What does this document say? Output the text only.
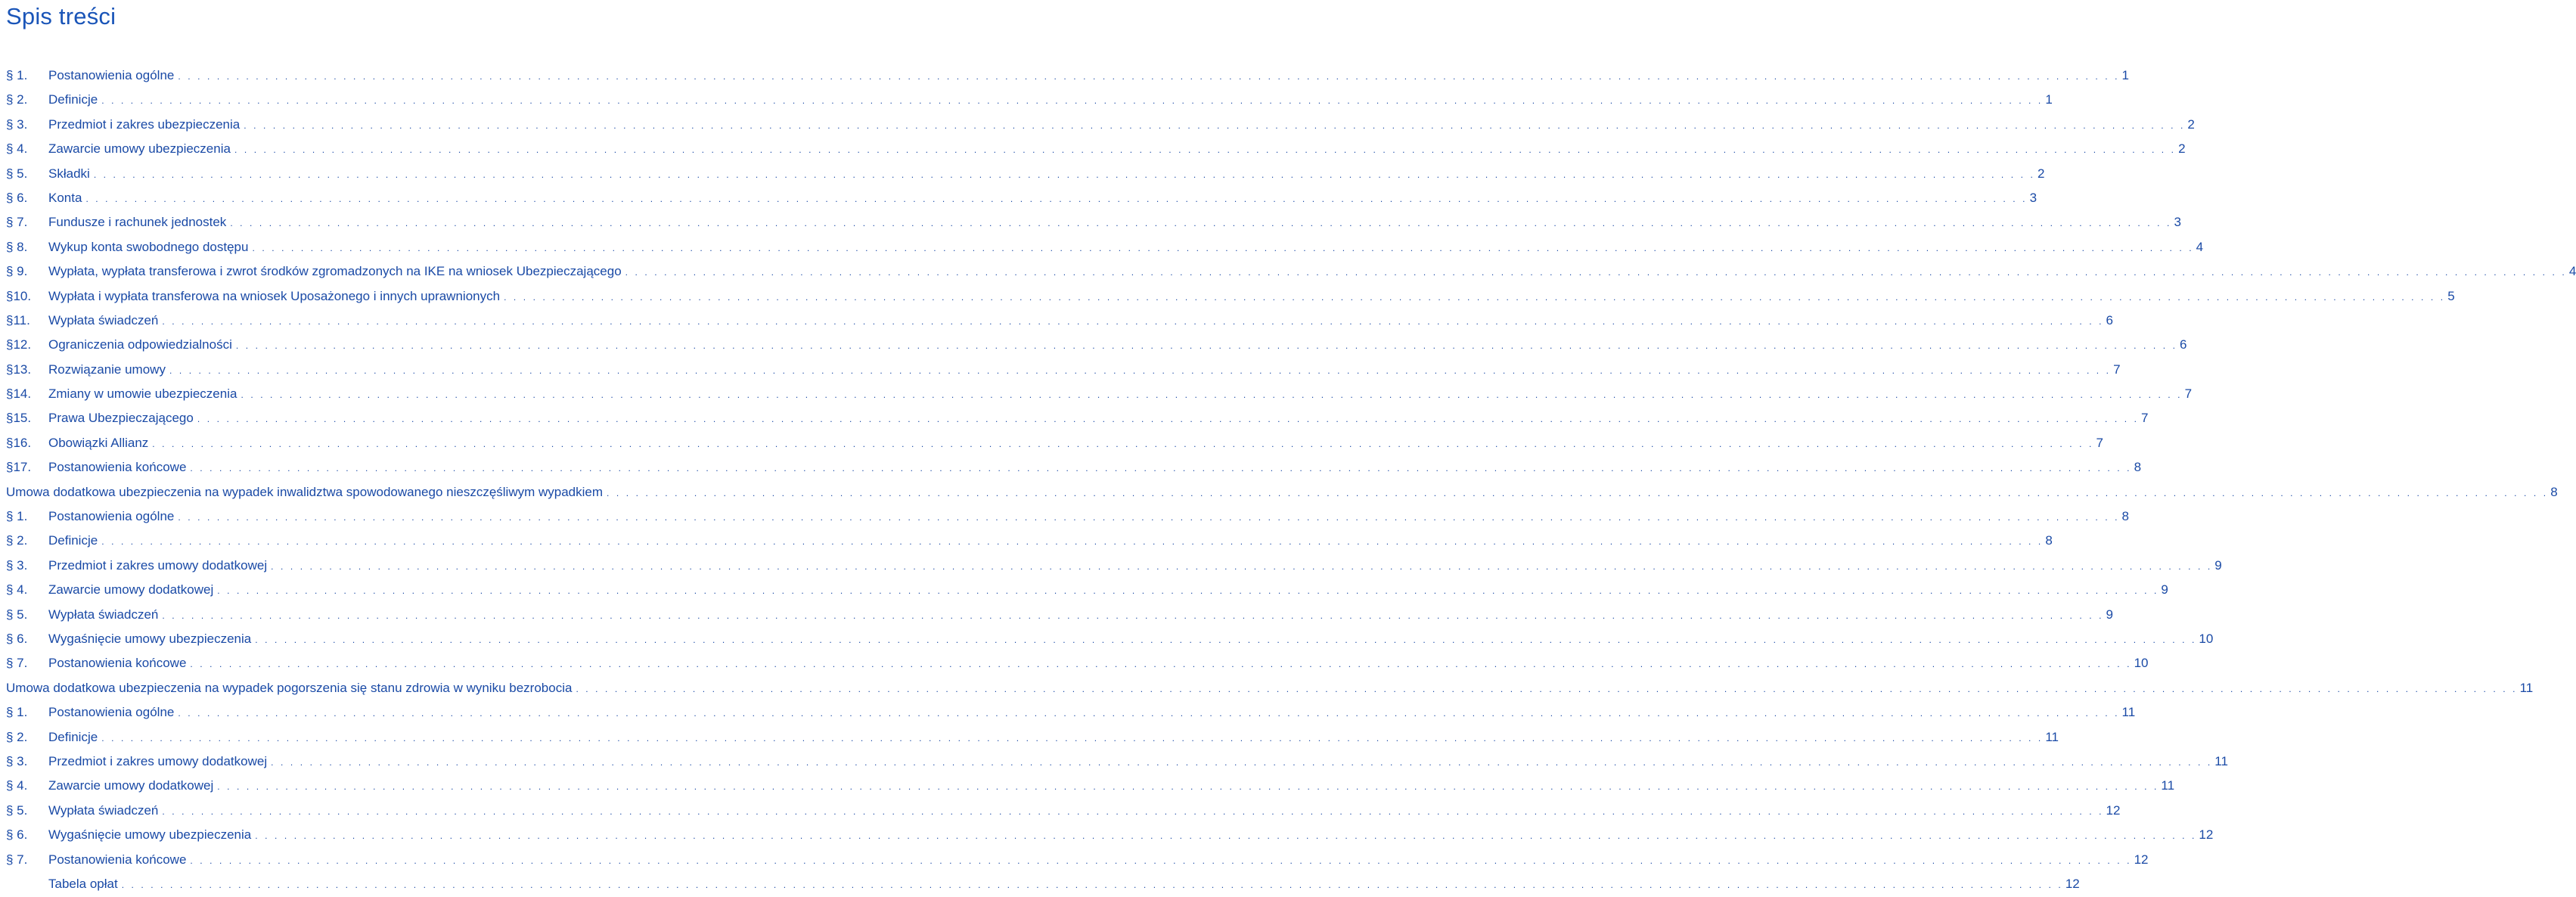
Spis treści
§ 1.	Postanowienia ogólne . . . . . . . . . . . . . . . . . . . . . . . . . . . . . . . . . . . . . . . . . . . . . . . . . . . . . . . . . . . . . . . . . . . . . . . . . . . . . . . . . . . . . . . . . . . . . . . . . . . . . . . . . . . . . . . . . . . . . . . . . . . . . . . . . . . . . . . . . . . . . . . . . . . . . . . . . . . . . . . . . . . . . . . . . . . . . . . . . . . . . . . . . . . . . . . . . . . . . . . . 1
§ 2.	Definicje . . . . . . . . . . . . . . . . . . . . . . . . . . . . . . . . . . . . . . . . . . . . . . . . . . . . . . . . . . . . . . . . . . . . . . . . . . . . . . . . . . . . . . . . . . . . . . . . . . . . . . . . . . . . . . . . . . . . . . . . . . . . . . . . . . . . . . . . . . . . . . . . . . . . . . . . . . . . . . . . . . . . . . . . . . . . . . . . . . . . . . . . . . . . . . . . . . . . . . . . 1
§ 3.	Przedmiot i zakres ubezpieczenia . . . . . . . . . . . . . . . . . . . . . . . . . . . . . . . . . . . . . . . . . . . . . . . . . . . . . . . . . . . . . . . . . . . . . . . . . . . . . . . . . . . . . . . . . . . . . . . . . . . . . . . . . . . . . . . . . . . . . . . . . . . . . . . . . . . . . . . . . . . . . . . . . . . . . . . . . . . . . . . . . . . . . . . . . . . . . . . . . . . . . . . . . . . . . . . . . . . . . . . . 2
§ 4.	Zawarcie umowy ubezpieczenia . . . . . . . . . . . . . . . . . . . . . . . . . . . . . . . . . . . . . . . . . . . . . . . . . . . . . . . . . . . . . . . . . . . . . . . . . . . . . . . . . . . . . . . . . . . . . . . . . . . . . . . . . . . . . . . . . . . . . . . . . . . . . . . . . . . . . . . . . . . . . . . . . . . . . . . . . . . . . . . . . . . . . . . . . . . . . . . . . . . . . . . . . . . . . . . . . . . . . . . . 2
§ 5.	Składki . . . . . . . . . . . . . . . . . . . . . . . . . . . . . . . . . . . . . . . . . . . . . . . . . . . . . . . . . . . . . . . . . . . . . . . . . . . . . . . . . . . . . . . . . . . . . . . . . . . . . . . . . . . . . . . . . . . . . . . . . . . . . . . . . . . . . . . . . . . . . . . . . . . . . . . . . . . . . . . . . . . . . . . . . . . . . . . . . . . . . . . . . . . . . . . . . . . . . . . . 2
§ 6.	Konta . . . . . . . . . . . . . . . . . . . . . . . . . . . . . . . . . . . . . . . . . . . . . . . . . . . . . . . . . . . . . . . . . . . . . . . . . . . . . . . . . . . . . . . . . . . . . . . . . . . . . . . . . . . . . . . . . . . . . . . . . . . . . . . . . . . . . . . . . . . . . . . . . . . . . . . . . . . . . . . . . . . . . . . . . . . . . . . . . . . . . . . . . . . . . . . . . . . . . . . . 3
§ 7.	Fundusze i rachunek jednostek . . . . . . . . . . . . . . . . . . . . . . . . . . . . . . . . . . . . . . . . . . . . . . . . . . . . . . . . . . . . . . . . . . . . . . . . . . . . . . . . . . . . . . . . . . . . . . . . . . . . . . . . . . . . . . . . . . . . . . . . . . . . . . . . . . . . . . . . . . . . . . . . . . . . . . . . . . . . . . . . . . . . . . . . . . . . . . . . . . . . . . . . . . . . . . . . . . . . . . . . 3
§ 8.	Wykup konta swobodnego dostępu . . . . . . . . . . . . . . . . . . . . . . . . . . . . . . . . . . . . . . . . . . . . . . . . . . . . . . . . . . . . . . . . . . . . . . . . . . . . . . . . . . . . . . . . . . . . . . . . . . . . . . . . . . . . . . . . . . . . . . . . . . . . . . . . . . . . . . . . . . . . . . . . . . . . . . . . . . . . . . . . . . . . . . . . . . . . . . . . . . . . . . . . . . . . . . . . . . . . . . . . 4
§ 9.	Wypłata, wypłata transferowa i zwrot środków zgromadzonych na IKE na wniosek Ubezpieczającego . . . . . . . . . . . . . . . . . . . . . . . . . . . . . . . . . . . . . . . . . . . . . . . . . . . . . . . . . . . . . . . . . . . . . . . . . . . . . . . . . . . . . . . . . . . . . . . . . . . . . . . . . . . . . . . . . . . . . . . . . . . . . . . . . . . . . . . . . . . . . . . . . . . . . . . . . . . . . . . . . . . . . . . . . . . . . . . . . . . . . . . . . . . . . . . . . . . . . . . . 4
§10.	Wypłata i wypłata transferowa na wniosek Uposażonego i innych uprawnionych . . . . . . . . . . . . . . . . . . . . . . . . . . . . . . . . . . . . . . . . . . . . . . . . . . . . . . . . . . . . . . . . . . . . . . . . . . . . . . . . . . . . . . . . . . . . . . . . . . . . . . . . . . . . . . . . . . . . . . . . . . . . . . . . . . . . . . . . . . . . . . . . . . . . . . . . . . . . . . . . . . . . . . . . . . . . . . . . . . . . . . . . . . . . . . . . . . . . . . . . 5
§11.	Wypłata świadczeń . . . . . . . . . . . . . . . . . . . . . . . . . . . . . . . . . . . . . . . . . . . . . . . . . . . . . . . . . . . . . . . . . . . . . . . . . . . . . . . . . . . . . . . . . . . . . . . . . . . . . . . . . . . . . . . . . . . . . . . . . . . . . . . . . . . . . . . . . . . . . . . . . . . . . . . . . . . . . . . . . . . . . . . . . . . . . . . . . . . . . . . . . . . . . . . . . . . . . . . . 6
§12.	Ograniczenia odpowiedzialności . . . . . . . . . . . . . . . . . . . . . . . . . . . . . . . . . . . . . . . . . . . . . . . . . . . . . . . . . . . . . . . . . . . . . . . . . . . . . . . . . . . . . . . . . . . . . . . . . . . . . . . . . . . . . . . . . . . . . . . . . . . . . . . . . . . . . . . . . . . . . . . . . . . . . . . . . . . . . . . . . . . . . . . . . . . . . . . . . . . . . . . . . . . . . . . . . . . . . . . . 6
§13.	Rozwiązanie umowy . . . . . . . . . . . . . . . . . . . . . . . . . . . . . . . . . . . . . . . . . . . . . . . . . . . . . . . . . . . . . . . . . . . . . . . . . . . . . . . . . . . . . . . . . . . . . . . . . . . . . . . . . . . . . . . . . . . . . . . . . . . . . . . . . . . . . . . . . . . . . . . . . . . . . . . . . . . . . . . . . . . . . . . . . . . . . . . . . . . . . . . . . . . . . . . . . . . . . . . . 7
§14.	Zmiany w umowie ubezpieczenia . . . . . . . . . . . . . . . . . . . . . . . . . . . . . . . . . . . . . . . . . . . . . . . . . . . . . . . . . . . . . . . . . . . . . . . . . . . . . . . . . . . . . . . . . . . . . . . . . . . . . . . . . . . . . . . . . . . . . . . . . . . . . . . . . . . . . . . . . . . . . . . . . . . . . . . . . . . . . . . . . . . . . . . . . . . . . . . . . . . . . . . . . . . . . . . . . . . . . . . . 7
§15.	Prawa Ubezpieczającego . . . . . . . . . . . . . . . . . . . . . . . . . . . . . . . . . . . . . . . . . . . . . . . . . . . . . . . . . . . . . . . . . . . . . . . . . . . . . . . . . . . . . . . . . . . . . . . . . . . . . . . . . . . . . . . . . . . . . . . . . . . . . . . . . . . . . . . . . . . . . . . . . . . . . . . . . . . . . . . . . . . . . . . . . . . . . . . . . . . . . . . . . . . . . . . . . . . . . . . . 7
§16.	Obowiązki Allianz . . . . . . . . . . . . . . . . . . . . . . . . . . . . . . . . . . . . . . . . . . . . . . . . . . . . . . . . . . . . . . . . . . . . . . . . . . . . . . . . . . . . . . . . . . . . . . . . . . . . . . . . . . . . . . . . . . . . . . . . . . . . . . . . . . . . . . . . . . . . . . . . . . . . . . . . . . . . . . . . . . . . . . . . . . . . . . . . . . . . . . . . . . . . . . . . . . . . . . . . 7
§17.	Postanowienia końcowe . . . . . . . . . . . . . . . . . . . . . . . . . . . . . . . . . . . . . . . . . . . . . . . . . . . . . . . . . . . . . . . . . . . . . . . . . . . . . . . . . . . . . . . . . . . . . . . . . . . . . . . . . . . . . . . . . . . . . . . . . . . . . . . . . . . . . . . . . . . . . . . . . . . . . . . . . . . . . . . . . . . . . . . . . . . . . . . . . . . . . . . . . . . . . . . . . . . . . . . . 8
Umowa dodatkowa ubezpieczenia na wypadek inwalidztwa spowodowanego nieszczęśliwym wypadkiem . . . . . . . . . . . . . . . . . . . . . . . . . . . . . . . . . . . . . . . . . . . . . . . . . . . . . . . . . . . . . . . . . . . . . . . . . . . . . . . . . . . . . . . . . . . . . . . . . . . . . . . . . . . . . . . . . . . . . . . . . . . . . . . . . . . . . . . . . . . . . . . . . . . . . . . . . . . . . . . . . . . . . . . . . . . . . . . . . . . . . . . . . . . . . . . . . . . . . . . . 8
§ 1.	Postanowienia ogólne . . . . . . . . . . . . . . . . . . . . . . . . . . . . . . . . . . . . . . . . . . . . . . . . . . . . . . . . . . . . . . . . . . . . . . . . . . . . . . . . . . . . . . . . . . . . . . . . . . . . . . . . . . . . . . . . . . . . . . . . . . . . . . . . . . . . . . . . . . . . . . . . . . . . . . . . . . . . . . . . . . . . . . . . . . . . . . . . . . . . . . . . . . . . . . . . . . . . . . . . 8
§ 2.	Definicje . . . . . . . . . . . . . . . . . . . . . . . . . . . . . . . . . . . . . . . . . . . . . . . . . . . . . . . . . . . . . . . . . . . . . . . . . . . . . . . . . . . . . . . . . . . . . . . . . . . . . . . . . . . . . . . . . . . . . . . . . . . . . . . . . . . . . . . . . . . . . . . . . . . . . . . . . . . . . . . . . . . . . . . . . . . . . . . . . . . . . . . . . . . . . . . . . . . . . . . . 8
§ 3.	Przedmiot i zakres umowy dodatkowej . . . . . . . . . . . . . . . . . . . . . . . . . . . . . . . . . . . . . . . . . . . . . . . . . . . . . . . . . . . . . . . . . . . . . . . . . . . . . . . . . . . . . . . . . . . . . . . . . . . . . . . . . . . . . . . . . . . . . . . . . . . . . . . . . . . . . . . . . . . . . . . . . . . . . . . . . . . . . . . . . . . . . . . . . . . . . . . . . . . . . . . . . . . . . . . . . . . . . . . . 9
§ 4.	Zawarcie umowy dodatkowej . . . . . . . . . . . . . . . . . . . . . . . . . . . . . . . . . . . . . . . . . . . . . . . . . . . . . . . . . . . . . . . . . . . . . . . . . . . . . . . . . . . . . . . . . . . . . . . . . . . . . . . . . . . . . . . . . . . . . . . . . . . . . . . . . . . . . . . . . . . . . . . . . . . . . . . . . . . . . . . . . . . . . . . . . . . . . . . . . . . . . . . . . . . . . . . . . . . . . . . . 9
§ 5.	Wypłata świadczeń . . . . . . . . . . . . . . . . . . . . . . . . . . . . . . . . . . . . . . . . . . . . . . . . . . . . . . . . . . . . . . . . . . . . . . . . . . . . . . . . . . . . . . . . . . . . . . . . . . . . . . . . . . . . . . . . . . . . . . . . . . . . . . . . . . . . . . . . . . . . . . . . . . . . . . . . . . . . . . . . . . . . . . . . . . . . . . . . . . . . . . . . . . . . . . . . . . . . . . . . 9
§ 6.	Wygaśnięcie umowy ubezpieczenia . . . . . . . . . . . . . . . . . . . . . . . . . . . . . . . . . . . . . . . . . . . . . . . . . . . . . . . . . . . . . . . . . . . . . . . . . . . . . . . . . . . . . . . . . . . . . . . . . . . . . . . . . . . . . . . . . . . . . . . . . . . . . . . . . . . . . . . . . . . . . . . . . . . . . . . . . . . . . . . . . . . . . . . . . . . . . . . . . . . . . . . . . . . . . . . . . . . . . . . . 10
§ 7.	Postanowienia końcowe . . . . . . . . . . . . . . . . . . . . . . . . . . . . . . . . . . . . . . . . . . . . . . . . . . . . . . . . . . . . . . . . . . . . . . . . . . . . . . . . . . . . . . . . . . . . . . . . . . . . . . . . . . . . . . . . . . . . . . . . . . . . . . . . . . . . . . . . . . . . . . . . . . . . . . . . . . . . . . . . . . . . . . . . . . . . . . . . . . . . . . . . . . . . . . . . . . . . . . . . 10
Umowa dodatkowa ubezpieczenia na wypadek pogorszenia się stanu zdrowia w wyniku bezrobocia . . . . . . . . . . . . . . . . . . . . . . . . . . . . . . . . . . . . . . . . . . . . . . . . . . . . . . . . . . . . . . . . . . . . . . . . . . . . . . . . . . . . . . . . . . . . . . . . . . . . . . . . . . . . . . . . . . . . . . . . . . . . . . . . . . . . . . . . . . . . . . . . . . . . . . . . . . . . . . . . . . . . . . . . . . . . . . . . . . . . . . . . . . . . . . . . . . . . . . . . 11
§ 1.	Postanowienia ogólne . . . . . . . . . . . . . . . . . . . . . . . . . . . . . . . . . . . . . . . . . . . . . . . . . . . . . . . . . . . . . . . . . . . . . . . . . . . . . . . . . . . . . . . . . . . . . . . . . . . . . . . . . . . . . . . . . . . . . . . . . . . . . . . . . . . . . . . . . . . . . . . . . . . . . . . . . . . . . . . . . . . . . . . . . . . . . . . . . . . . . . . . . . . . . . . . . . . . . . . . 11
§ 2.	Definicje . . . . . . . . . . . . . . . . . . . . . . . . . . . . . . . . . . . . . . . . . . . . . . . . . . . . . . . . . . . . . . . . . . . . . . . . . . . . . . . . . . . . . . . . . . . . . . . . . . . . . . . . . . . . . . . . . . . . . . . . . . . . . . . . . . . . . . . . . . . . . . . . . . . . . . . . . . . . . . . . . . . . . . . . . . . . . . . . . . . . . . . . . . . . . . . . . . . . . . . . 11
§ 3.	Przedmiot i zakres umowy dodatkowej . . . . . . . . . . . . . . . . . . . . . . . . . . . . . . . . . . . . . . . . . . . . . . . . . . . . . . . . . . . . . . . . . . . . . . . . . . . . . . . . . . . . . . . . . . . . . . . . . . . . . . . . . . . . . . . . . . . . . . . . . . . . . . . . . . . . . . . . . . . . . . . . . . . . . . . . . . . . . . . . . . . . . . . . . . . . . . . . . . . . . . . . . . . . . . . . . . . . . . . . 11
§ 4.	Zawarcie umowy dodatkowej . . . . . . . . . . . . . . . . . . . . . . . . . . . . . . . . . . . . . . . . . . . . . . . . . . . . . . . . . . . . . . . . . . . . . . . . . . . . . . . . . . . . . . . . . . . . . . . . . . . . . . . . . . . . . . . . . . . . . . . . . . . . . . . . . . . . . . . . . . . . . . . . . . . . . . . . . . . . . . . . . . . . . . . . . . . . . . . . . . . . . . . . . . . . . . . . . . . . . . . . 11
§ 5.	Wypłata świadczeń . . . . . . . . . . . . . . . . . . . . . . . . . . . . . . . . . . . . . . . . . . . . . . . . . . . . . . . . . . . . . . . . . . . . . . . . . . . . . . . . . . . . . . . . . . . . . . . . . . . . . . . . . . . . . . . . . . . . . . . . . . . . . . . . . . . . . . . . . . . . . . . . . . . . . . . . . . . . . . . . . . . . . . . . . . . . . . . . . . . . . . . . . . . . . . . . . . . . . . . . 12
§ 6.	Wygaśnięcie umowy ubezpieczenia . . . . . . . . . . . . . . . . . . . . . . . . . . . . . . . . . . . . . . . . . . . . . . . . . . . . . . . . . . . . . . . . . . . . . . . . . . . . . . . . . . . . . . . . . . . . . . . . . . . . . . . . . . . . . . . . . . . . . . . . . . . . . . . . . . . . . . . . . . . . . . . . . . . . . . . . . . . . . . . . . . . . . . . . . . . . . . . . . . . . . . . . . . . . . . . . . . . . . . . . 12
§ 7.	Postanowienia końcowe . . . . . . . . . . . . . . . . . . . . . . . . . . . . . . . . . . . . . . . . . . . . . . . . . . . . . . . . . . . . . . . . . . . . . . . . . . . . . . . . . . . . . . . . . . . . . . . . . . . . . . . . . . . . . . . . . . . . . . . . . . . . . . . . . . . . . . . . . . . . . . . . . . . . . . . . . . . . . . . . . . . . . . . . . . . . . . . . . . . . . . . . . . . . . . . . . . . . . . . . 12
Tabela opłat . . . . . . . . . . . . . . . . . . . . . . . . . . . . . . . . . . . . . . . . . . . . . . . . . . . . . . . . . . . . . . . . . . . . . . . . . . . . . . . . . . . . . . . . . . . . . . . . . . . . . . . . . . . . . . . . . . . . . . . . . . . . . . . . . . . . . . . . . . . . . . . . . . . . . . . . . . . . . . . . . . . . . . . . . . . . . . . . . . . . . . . . . . . . . . . . . . . . . . . . 12
